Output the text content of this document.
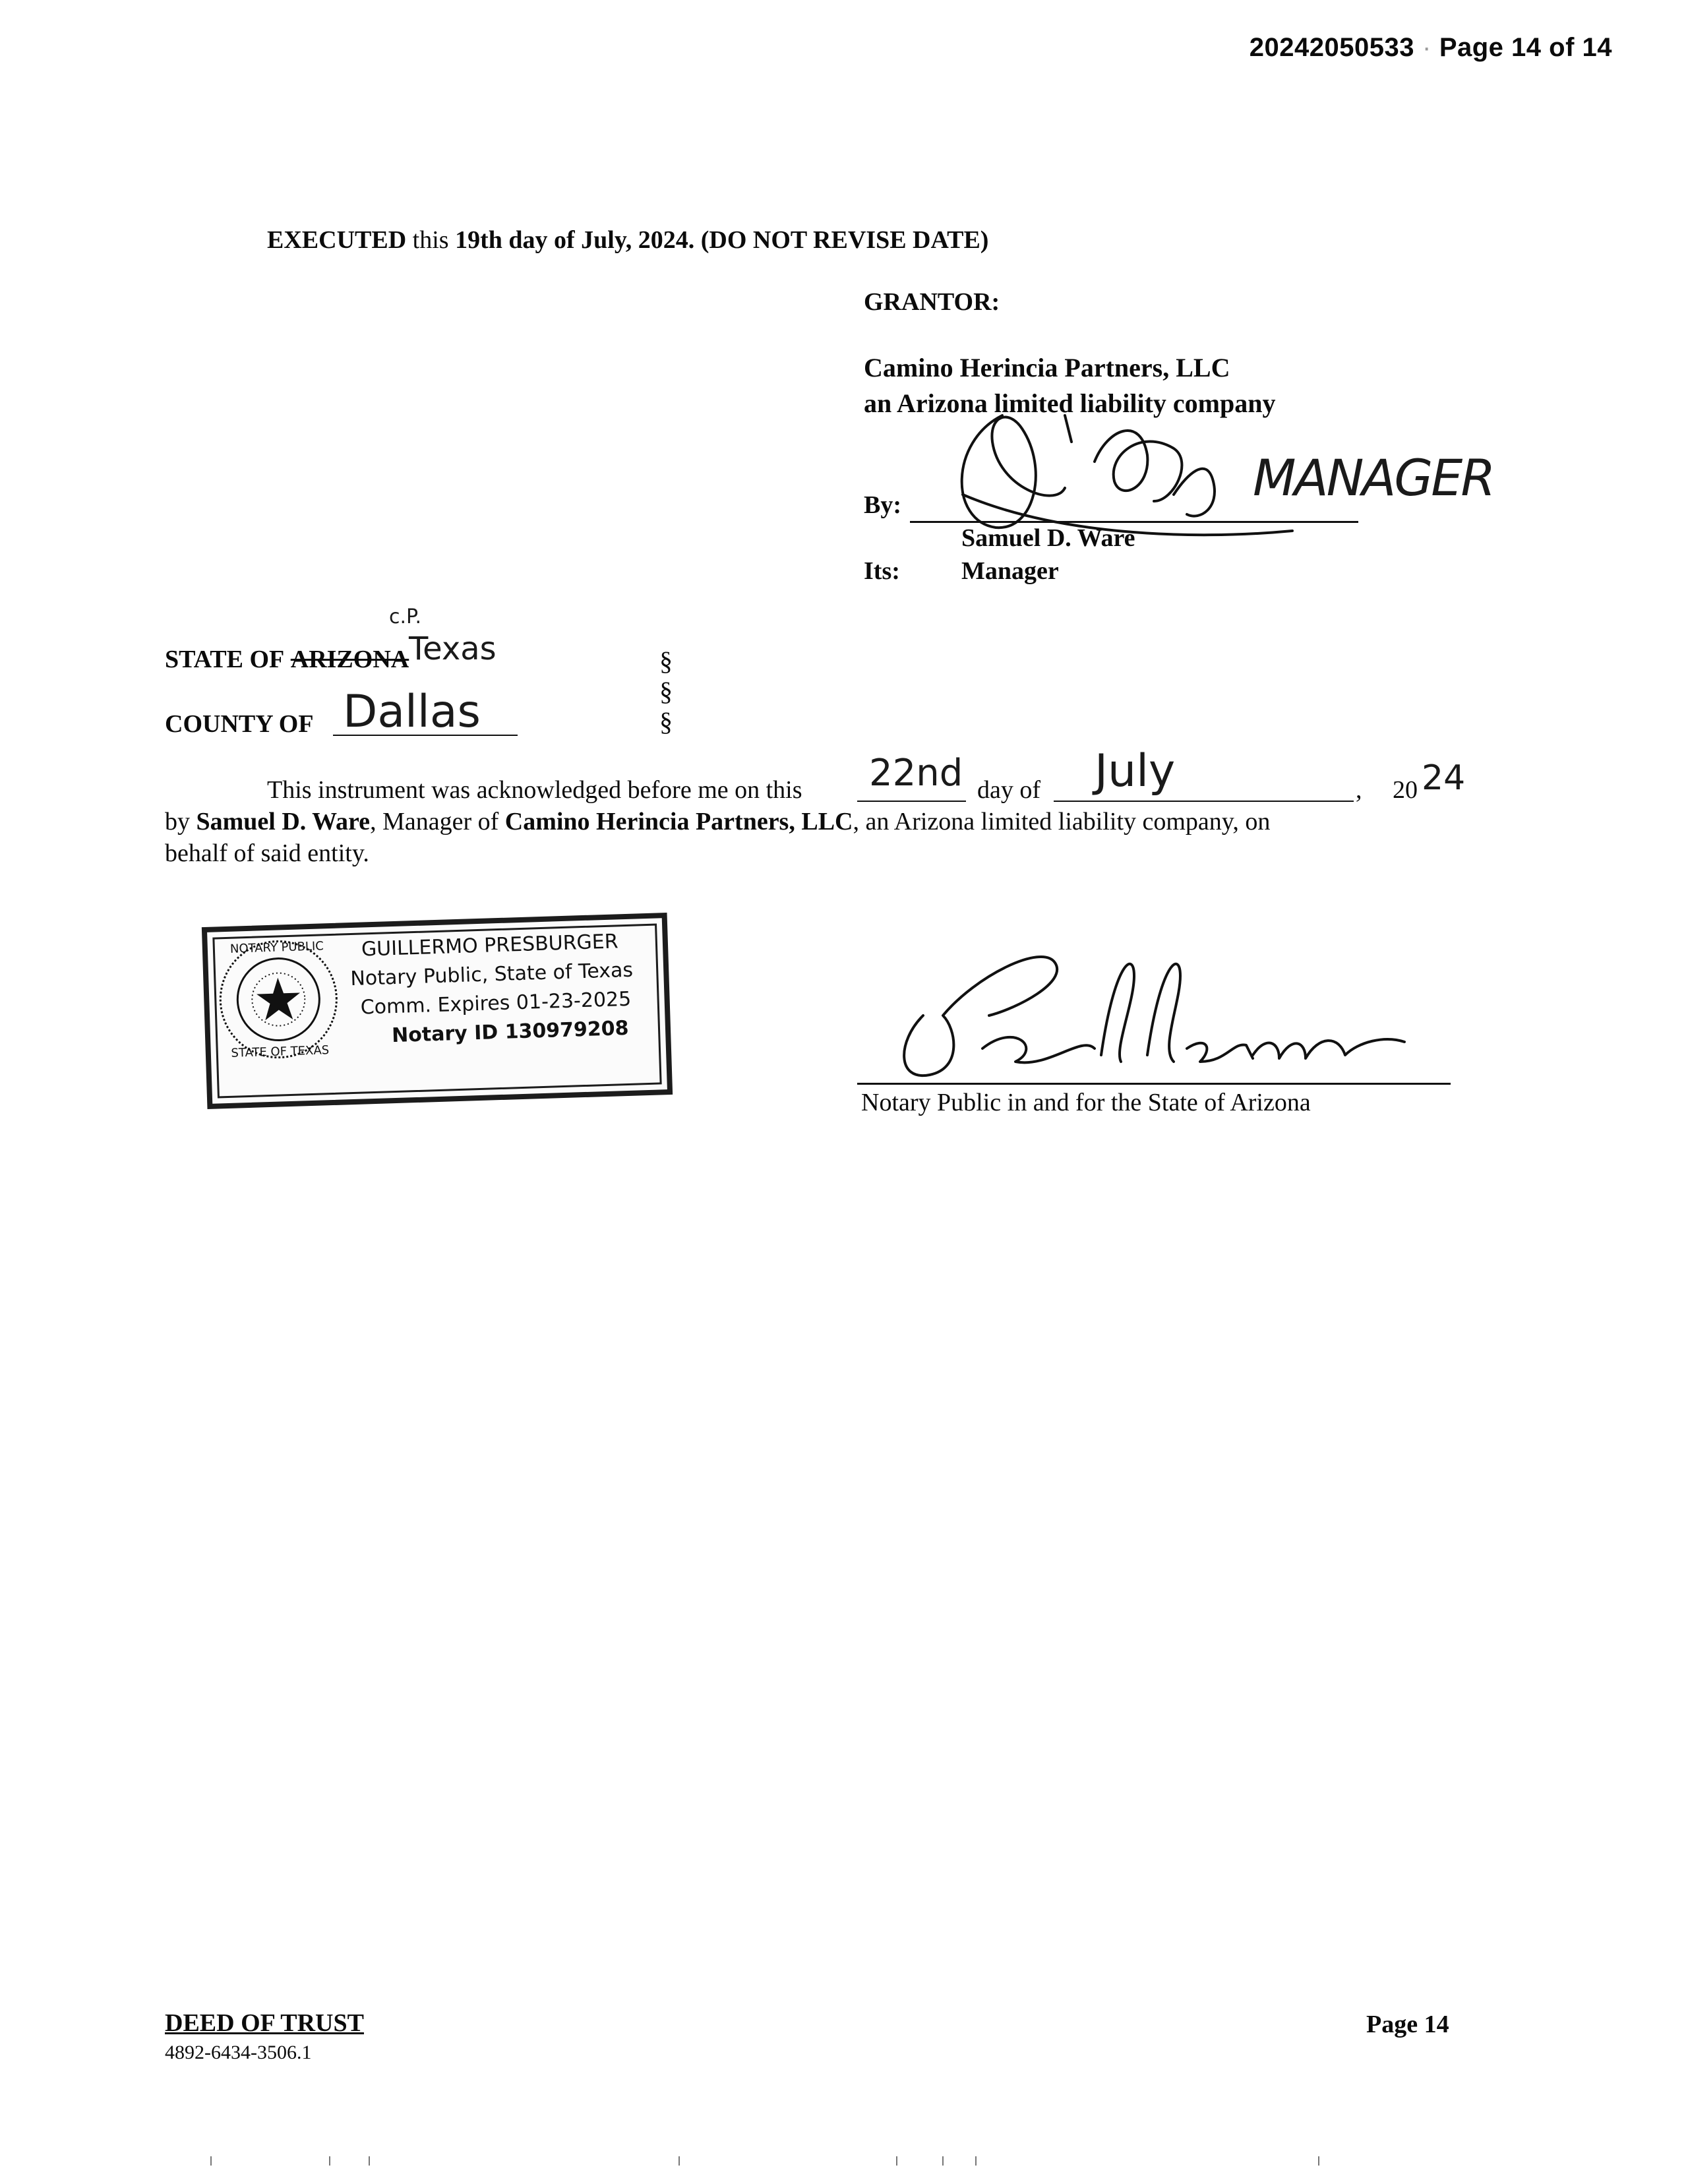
20242050533 · Page 14 of 14
EXECUTED this 19th day of July, 2024. (DO NOT REVISE DATE)
GRANTOR:
Camino Herincia Partners, LLC
an Arizona limited liability company
By:
Samuel D. Ware
Its: Manager
MANAGER
STATE OF ARIZONA Texas
c.P.
COUNTY OF Dallas
§
§
§
This instrument was acknowledged before me on this 22nd day of July	, 20 24
by Samuel D. Ware, Manager of Camino Herincia Partners, LLC, an Arizona limited liability company, on
behalf of said entity.
NOTARY PUBLIC
STATE OF TEXAS
GUILLERMO PRESBURGER
Notary Public, State of Texas
Comm. Expires 01-23-2025
Notary ID 130979208
Notary Public in and for the State of Arizona
DEED OF TRUST
4892-6434-3506.1
Page 14
